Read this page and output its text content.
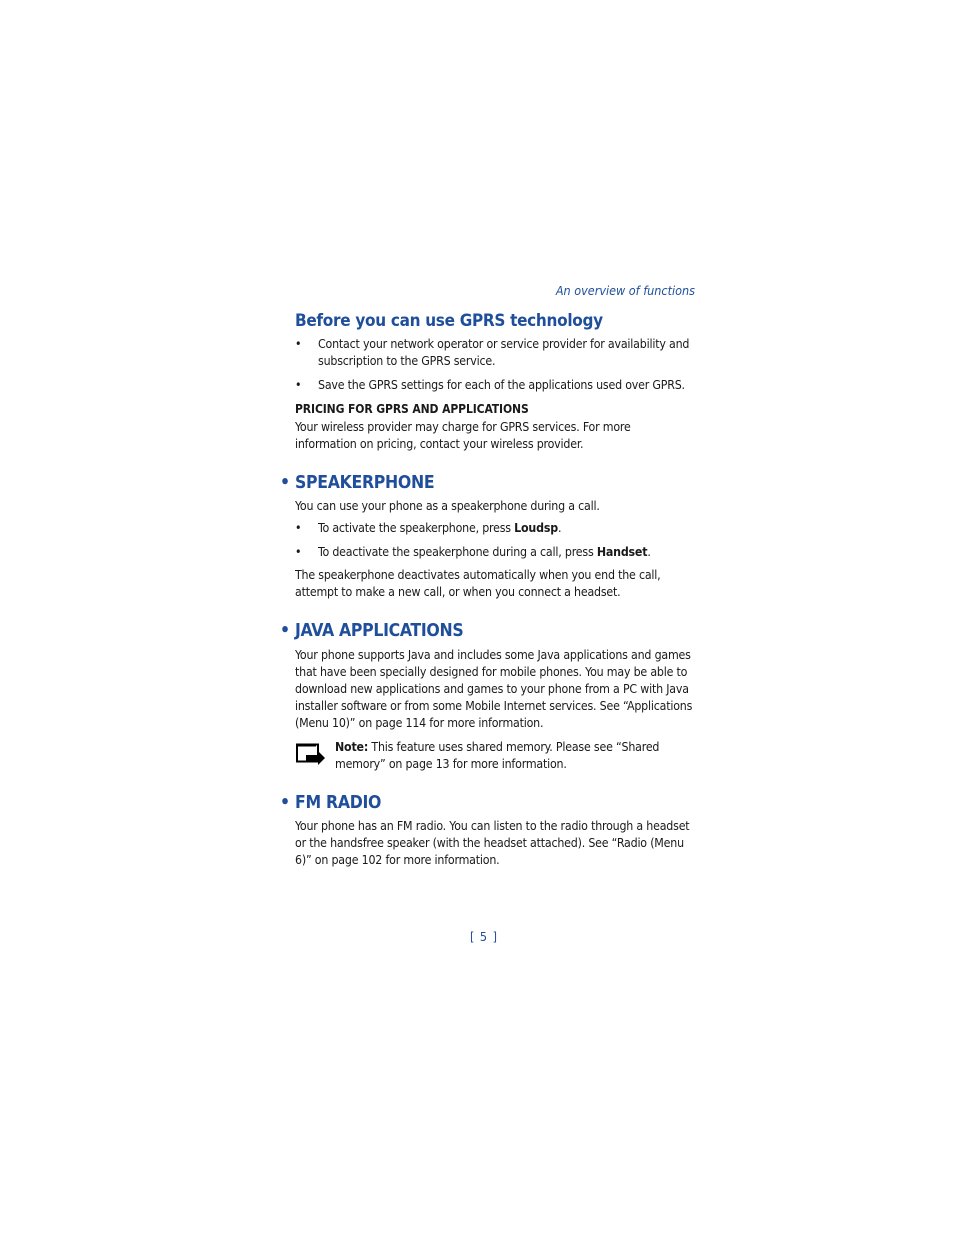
An overview of functions
Before you can use GPRS technology
• Contact your network operator or service provider for availability and subscription to the GPRS service.
• Save the GPRS settings for each of the applications used over GPRS.
PRICING FOR GPRS AND APPLICATIONS
Your wireless provider may charge for GPRS services. For more information on pricing, contact your wireless provider.
• SPEAKERPHONE
You can use your phone as a speakerphone during a call.
• To activate the speakerphone, press Loudsp.
• To deactivate the speakerphone during a call, press Handset.
The speakerphone deactivates automatically when you end the call, attempt to make a new call, or when you connect a headset.
• JAVA APPLICATIONS
Your phone supports Java and includes some Java applications and games that have been specially designed for mobile phones. You may be able to download new applications and games to your phone from a PC with Java installer software or from some Mobile Internet services. See “Applications (Menu 10)” on page 114 for more information.
Note: This feature uses shared memory. Please see “Shared memory” on page 13 for more information.
• FM RADIO
Your phone has an FM radio. You can listen to the radio through a headset or the handsfree speaker (with the headset attached). See “Radio (Menu 6)” on page 102 for more information.
[ 5 ]
